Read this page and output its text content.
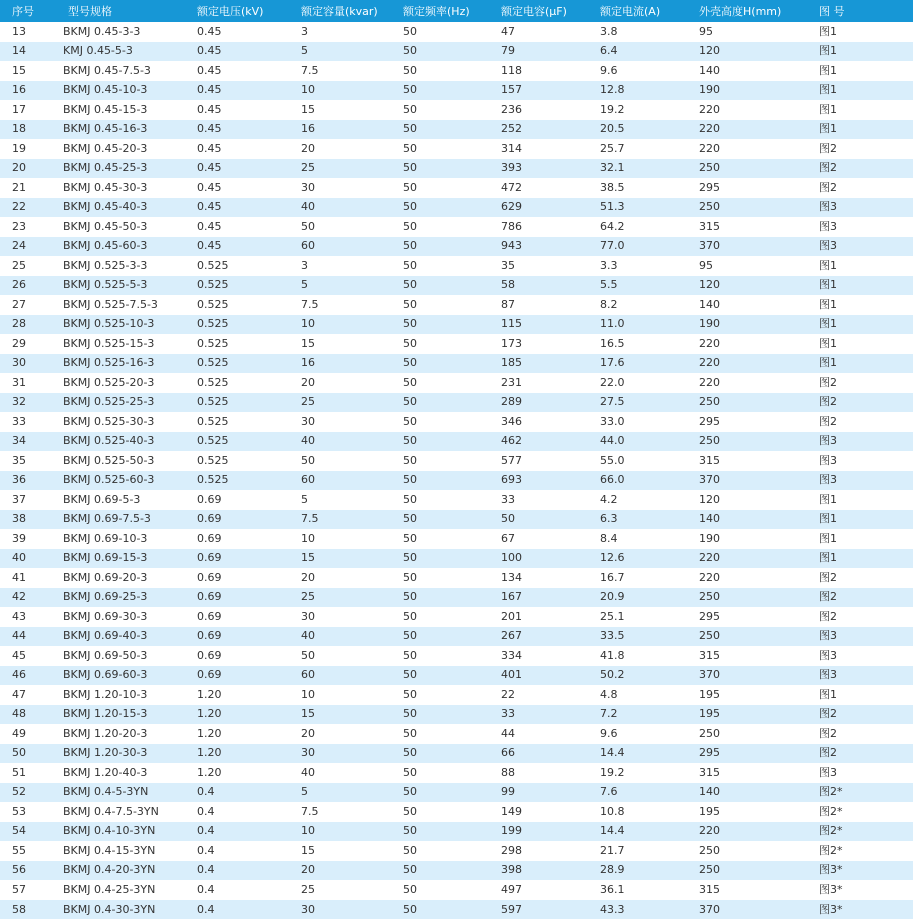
序号	型号规格	额定电压(kV)	额定容量(kvar)	额定频率(Hz)	额定电容(μF)	额定电流(A)	外壳高度H(mm)	图 号
13	BKMJ 0.45-3-3	0.45	3	50	47	3.8	95	图1
14	KMJ 0.45-5-3	0.45	5	50	79	6.4	120	图1
15	BKMJ 0.45-7.5-3	0.45	7.5	50	118	9.6	140	图1
16	BKMJ 0.45-10-3	0.45	10	50	157	12.8	190	图1
17	BKMJ 0.45-15-3	0.45	15	50	236	19.2	220	图1
18	BKMJ 0.45-16-3	0.45	16	50	252	20.5	220	图1
19	BKMJ 0.45-20-3	0.45	20	50	314	25.7	220	图2
20	BKMJ 0.45-25-3	0.45	25	50	393	32.1	250	图2
21	BKMJ 0.45-30-3	0.45	30	50	472	38.5	295	图2
22	BKMJ 0.45-40-3	0.45	40	50	629	51.3	250	图3
23	BKMJ 0.45-50-3	0.45	50	50	786	64.2	315	图3
24	BKMJ 0.45-60-3	0.45	60	50	943	77.0	370	图3
25	BKMJ 0.525-3-3	0.525	3	50	35	3.3	95	图1
26	BKMJ 0.525-5-3	0.525	5	50	58	5.5	120	图1
27	BKMJ 0.525-7.5-3	0.525	7.5	50	87	8.2	140	图1
28	BKMJ 0.525-10-3	0.525	10	50	115	11.0	190	图1
29	BKMJ 0.525-15-3	0.525	15	50	173	16.5	220	图1
30	BKMJ 0.525-16-3	0.525	16	50	185	17.6	220	图1
31	BKMJ 0.525-20-3	0.525	20	50	231	22.0	220	图2
32	BKMJ 0.525-25-3	0.525	25	50	289	27.5	250	图2
33	BKMJ 0.525-30-3	0.525	30	50	346	33.0	295	图2
34	BKMJ 0.525-40-3	0.525	40	50	462	44.0	250	图3
35	BKMJ 0.525-50-3	0.525	50	50	577	55.0	315	图3
36	BKMJ 0.525-60-3	0.525	60	50	693	66.0	370	图3
37	BKMJ 0.69-5-3	0.69	5	50	33	4.2	120	图1
38	BKMJ 0.69-7.5-3	0.69	7.5	50	50	6.3	140	图1
39	BKMJ 0.69-10-3	0.69	10	50	67	8.4	190	图1
40	BKMJ 0.69-15-3	0.69	15	50	100	12.6	220	图1
41	BKMJ 0.69-20-3	0.69	20	50	134	16.7	220	图2
42	BKMJ 0.69-25-3	0.69	25	50	167	20.9	250	图2
43	BKMJ 0.69-30-3	0.69	30	50	201	25.1	295	图2
44	BKMJ 0.69-40-3	0.69	40	50	267	33.5	250	图3
45	BKMJ 0.69-50-3	0.69	50	50	334	41.8	315	图3
46	BKMJ 0.69-60-3	0.69	60	50	401	50.2	370	图3
47	BKMJ 1.20-10-3	1.20	10	50	22	4.8	195	图1
48	BKMJ 1.20-15-3	1.20	15	50	33	7.2	195	图2
49	BKMJ 1.20-20-3	1.20	20	50	44	9.6	250	图2
50	BKMJ 1.20-30-3	1.20	30	50	66	14.4	295	图2
51	BKMJ 1.20-40-3	1.20	40	50	88	19.2	315	图3
52	BKMJ 0.4-5-3YN	0.4	5	50	99	7.6	140	图2*
53	BKMJ 0.4-7.5-3YN	0.4	7.5	50	149	10.8	195	图2*
54	BKMJ 0.4-10-3YN	0.4	10	50	199	14.4	220	图2*
55	BKMJ 0.4-15-3YN	0.4	15	50	298	21.7	250	图2*
56	BKMJ 0.4-20-3YN	0.4	20	50	398	28.9	250	图3*
57	BKMJ 0.4-25-3YN	0.4	25	50	497	36.1	315	图3*
58	BKMJ 0.4-30-3YN	0.4	30	50	597	43.3	370	图3*
